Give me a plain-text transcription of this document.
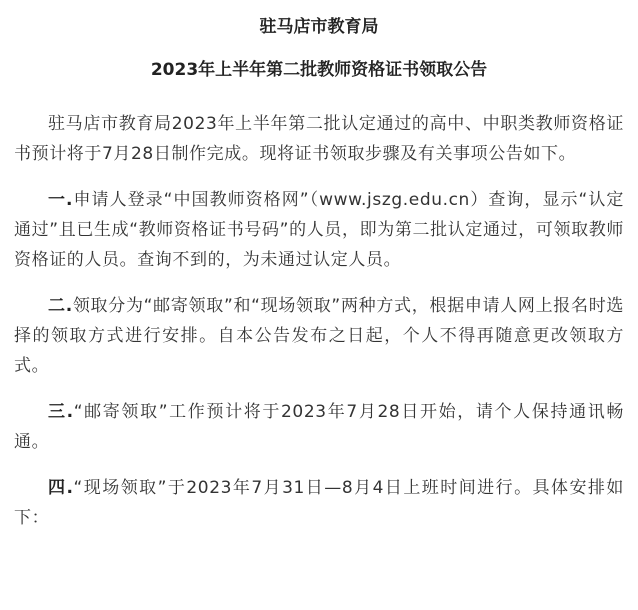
驻马店市教育局
2023年上半年第二批教师资格证书领取公告

驻马店市教育局2023年上半年第二批认定通过的高中、中职类教师资格证书预计将于7月28日制作完成。现将证书领取步骤及有关事项公告如下。

一.申请人登录“中国教师资格网”（www.jszg.edu.cn）查询，显示“认定通过”且已生成“教师资格证书号码”的人员，即为第二批认定通过，可领取教师资格证的人员。查询不到的，为未通过认定人员。

二.领取分为“邮寄领取”和“现场领取”两种方式，根据申请人网上报名时选择的领取方式进行安排。自本公告发布之日起，个人不得再随意更改领取方式。

三.“邮寄领取”工作预计将于2023年7月28日开始，请个人保持通讯畅通。

四.“现场领取”于2023年7月31日—8月4日上班时间进行。具体安排如下：
